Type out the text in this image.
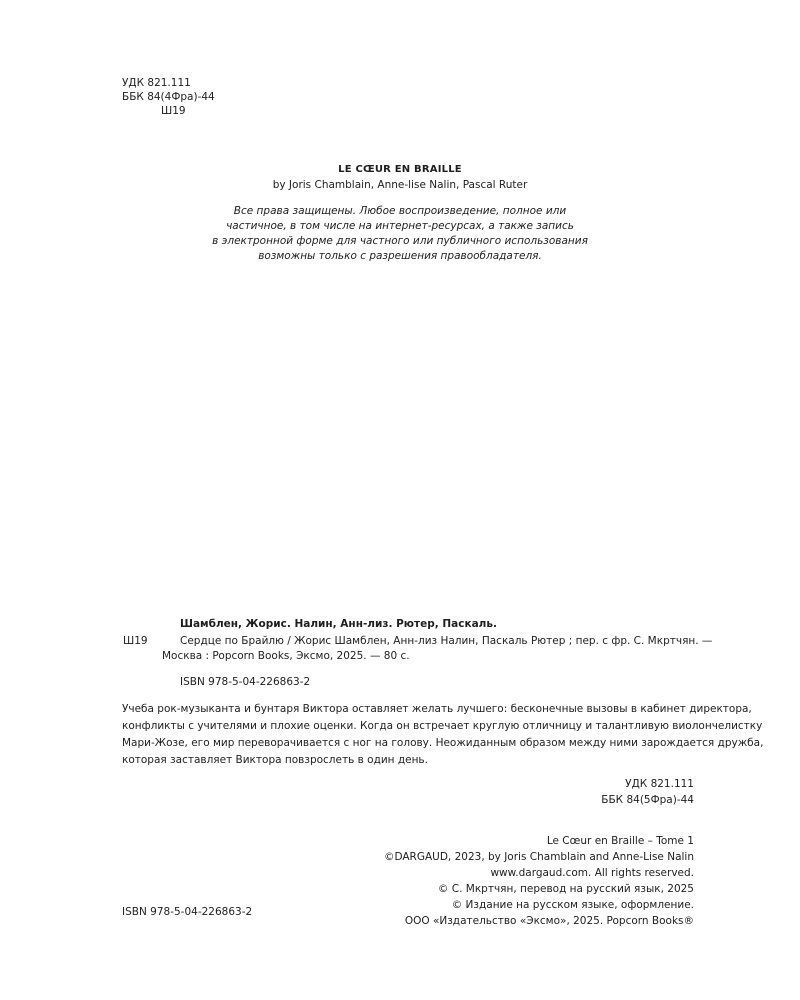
УДК 821.111
ББК 84(4Фра)-44
Ш19
LE CŒUR EN BRAILLE
by Joris Chamblain, Anne-lise Nalin, Pascal Ruter
Все права защищены. Любое воспроизведение, полное или
частичное, в том числе на интернет-ресурсах, а также запись
в электронной форме для частного или публичного использования
возможны только с разрешения правообладателя.
Шамблен, Жорис. Налин, Анн-лиз. Рютер, Паскаль.
Ш19	Сердце по Брайлю / Жорис Шамблен, Анн-лиз Налин, Паскаль Рютер ; пер. с фр. С. Мкртчян. —
Москва : Popcorn Books, Эксмо, 2025. — 80 с.
ISBN 978-5-04-226863-2
Учеба рок-музыканта и бунтаря Виктора оставляет желать лучшего: бесконечные вызовы в кабинет директора,
конфликты с учителями и плохие оценки. Когда он встречает круглую отличницу и талантливую виолончелистку
Мари-Жозе, его мир переворачивается с ног на голову. Неожиданным образом между ними зарождается дружба,
которая заставляет Виктора повзрослеть в один день.
УДК 821.111
ББК 84(5Фра)-44
Le Cœur en Braille – Tome 1
©DARGAUD, 2023, by Joris Chamblain and Anne-Lise Nalin
www.dargaud.com. All rights reserved.
© С. Мкртчян, перевод на русский язык, 2025
© Издание на русском языке, оформление.
ООО «Издательство «Эксмо», 2025. Popcorn Books®
ISBN 978-5-04-226863-2
